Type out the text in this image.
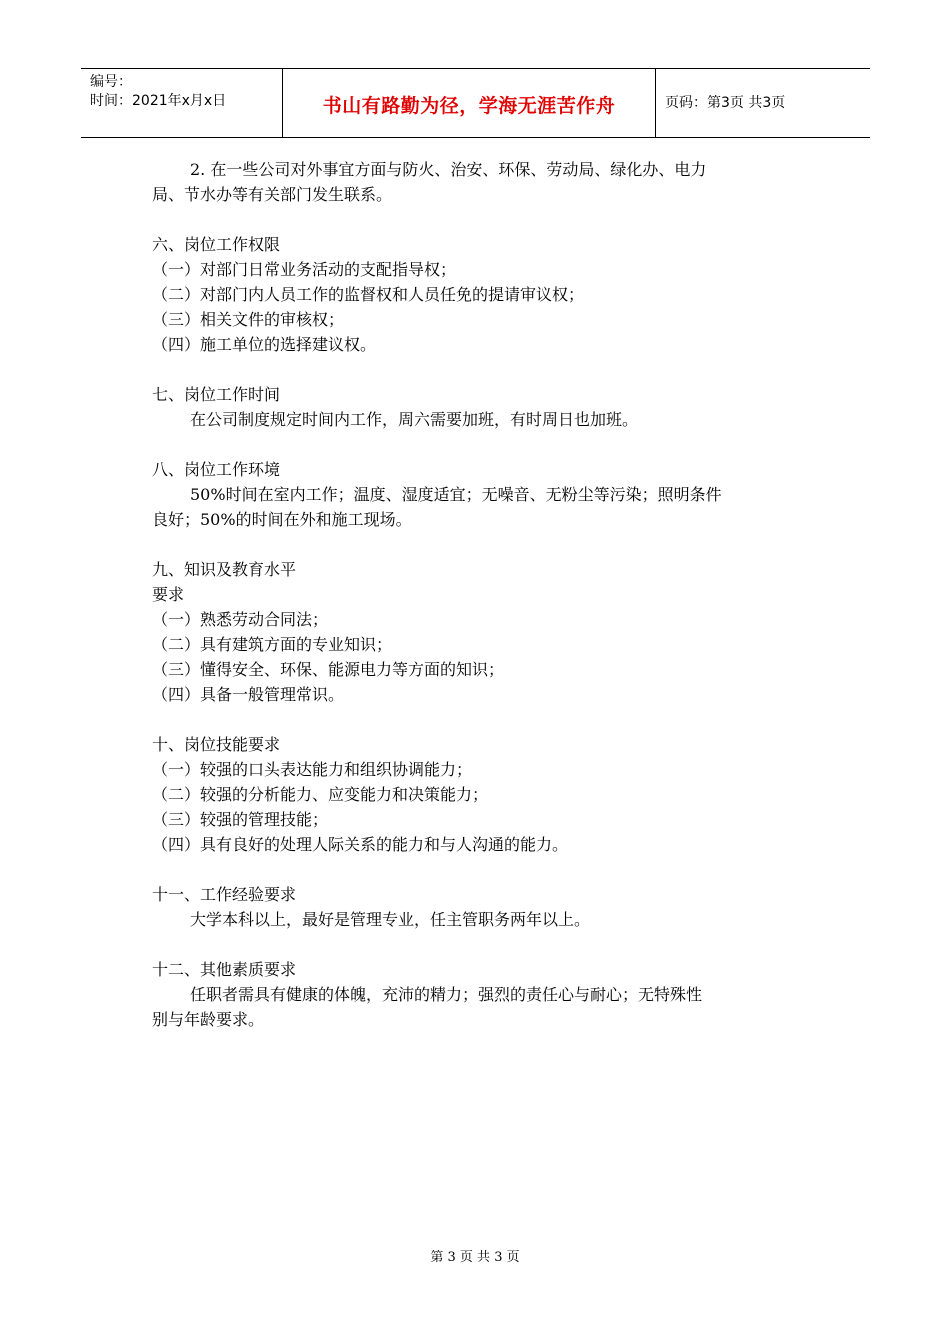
编号：
时间：2021年x月x日	书山有路勤为径，学海无涯苦作舟	页码：第3页 共3页
2. 在一些公司对外事宜方面与防火、治安、环保、劳动局、绿化办、电力
局、节水办等有关部门发生联系。
六、岗位工作权限
（一）对部门日常业务活动的支配指导权；
（二）对部门内人员工作的监督权和人员任免的提请审议权；
（三）相关文件的审核权；
（四）施工单位的选择建议权。
七、岗位工作时间
在公司制度规定时间内工作，周六需要加班，有时周日也加班。
八、岗位工作环境
50%时间在室内工作；温度、湿度适宜；无噪音、无粉尘等污染；照明条件
良好；50%的时间在外和施工现场。
九、知识及教育水平
要求
（一）熟悉劳动合同法；
（二）具有建筑方面的专业知识；
（三）懂得安全、环保、能源电力等方面的知识；
（四）具备一般管理常识。
十、岗位技能要求
（一）较强的口头表达能力和组织协调能力；
（二）较强的分析能力、应变能力和决策能力；
（三）较强的管理技能；
（四）具有良好的处理人际关系的能力和与人沟通的能力。
十一、工作经验要求
大学本科以上，最好是管理专业，任主管职务两年以上。
十二、其他素质要求
任职者需具有健康的体魄，充沛的精力；强烈的责任心与耐心；无特殊性
别与年龄要求。
第 3 页 共 3 页
